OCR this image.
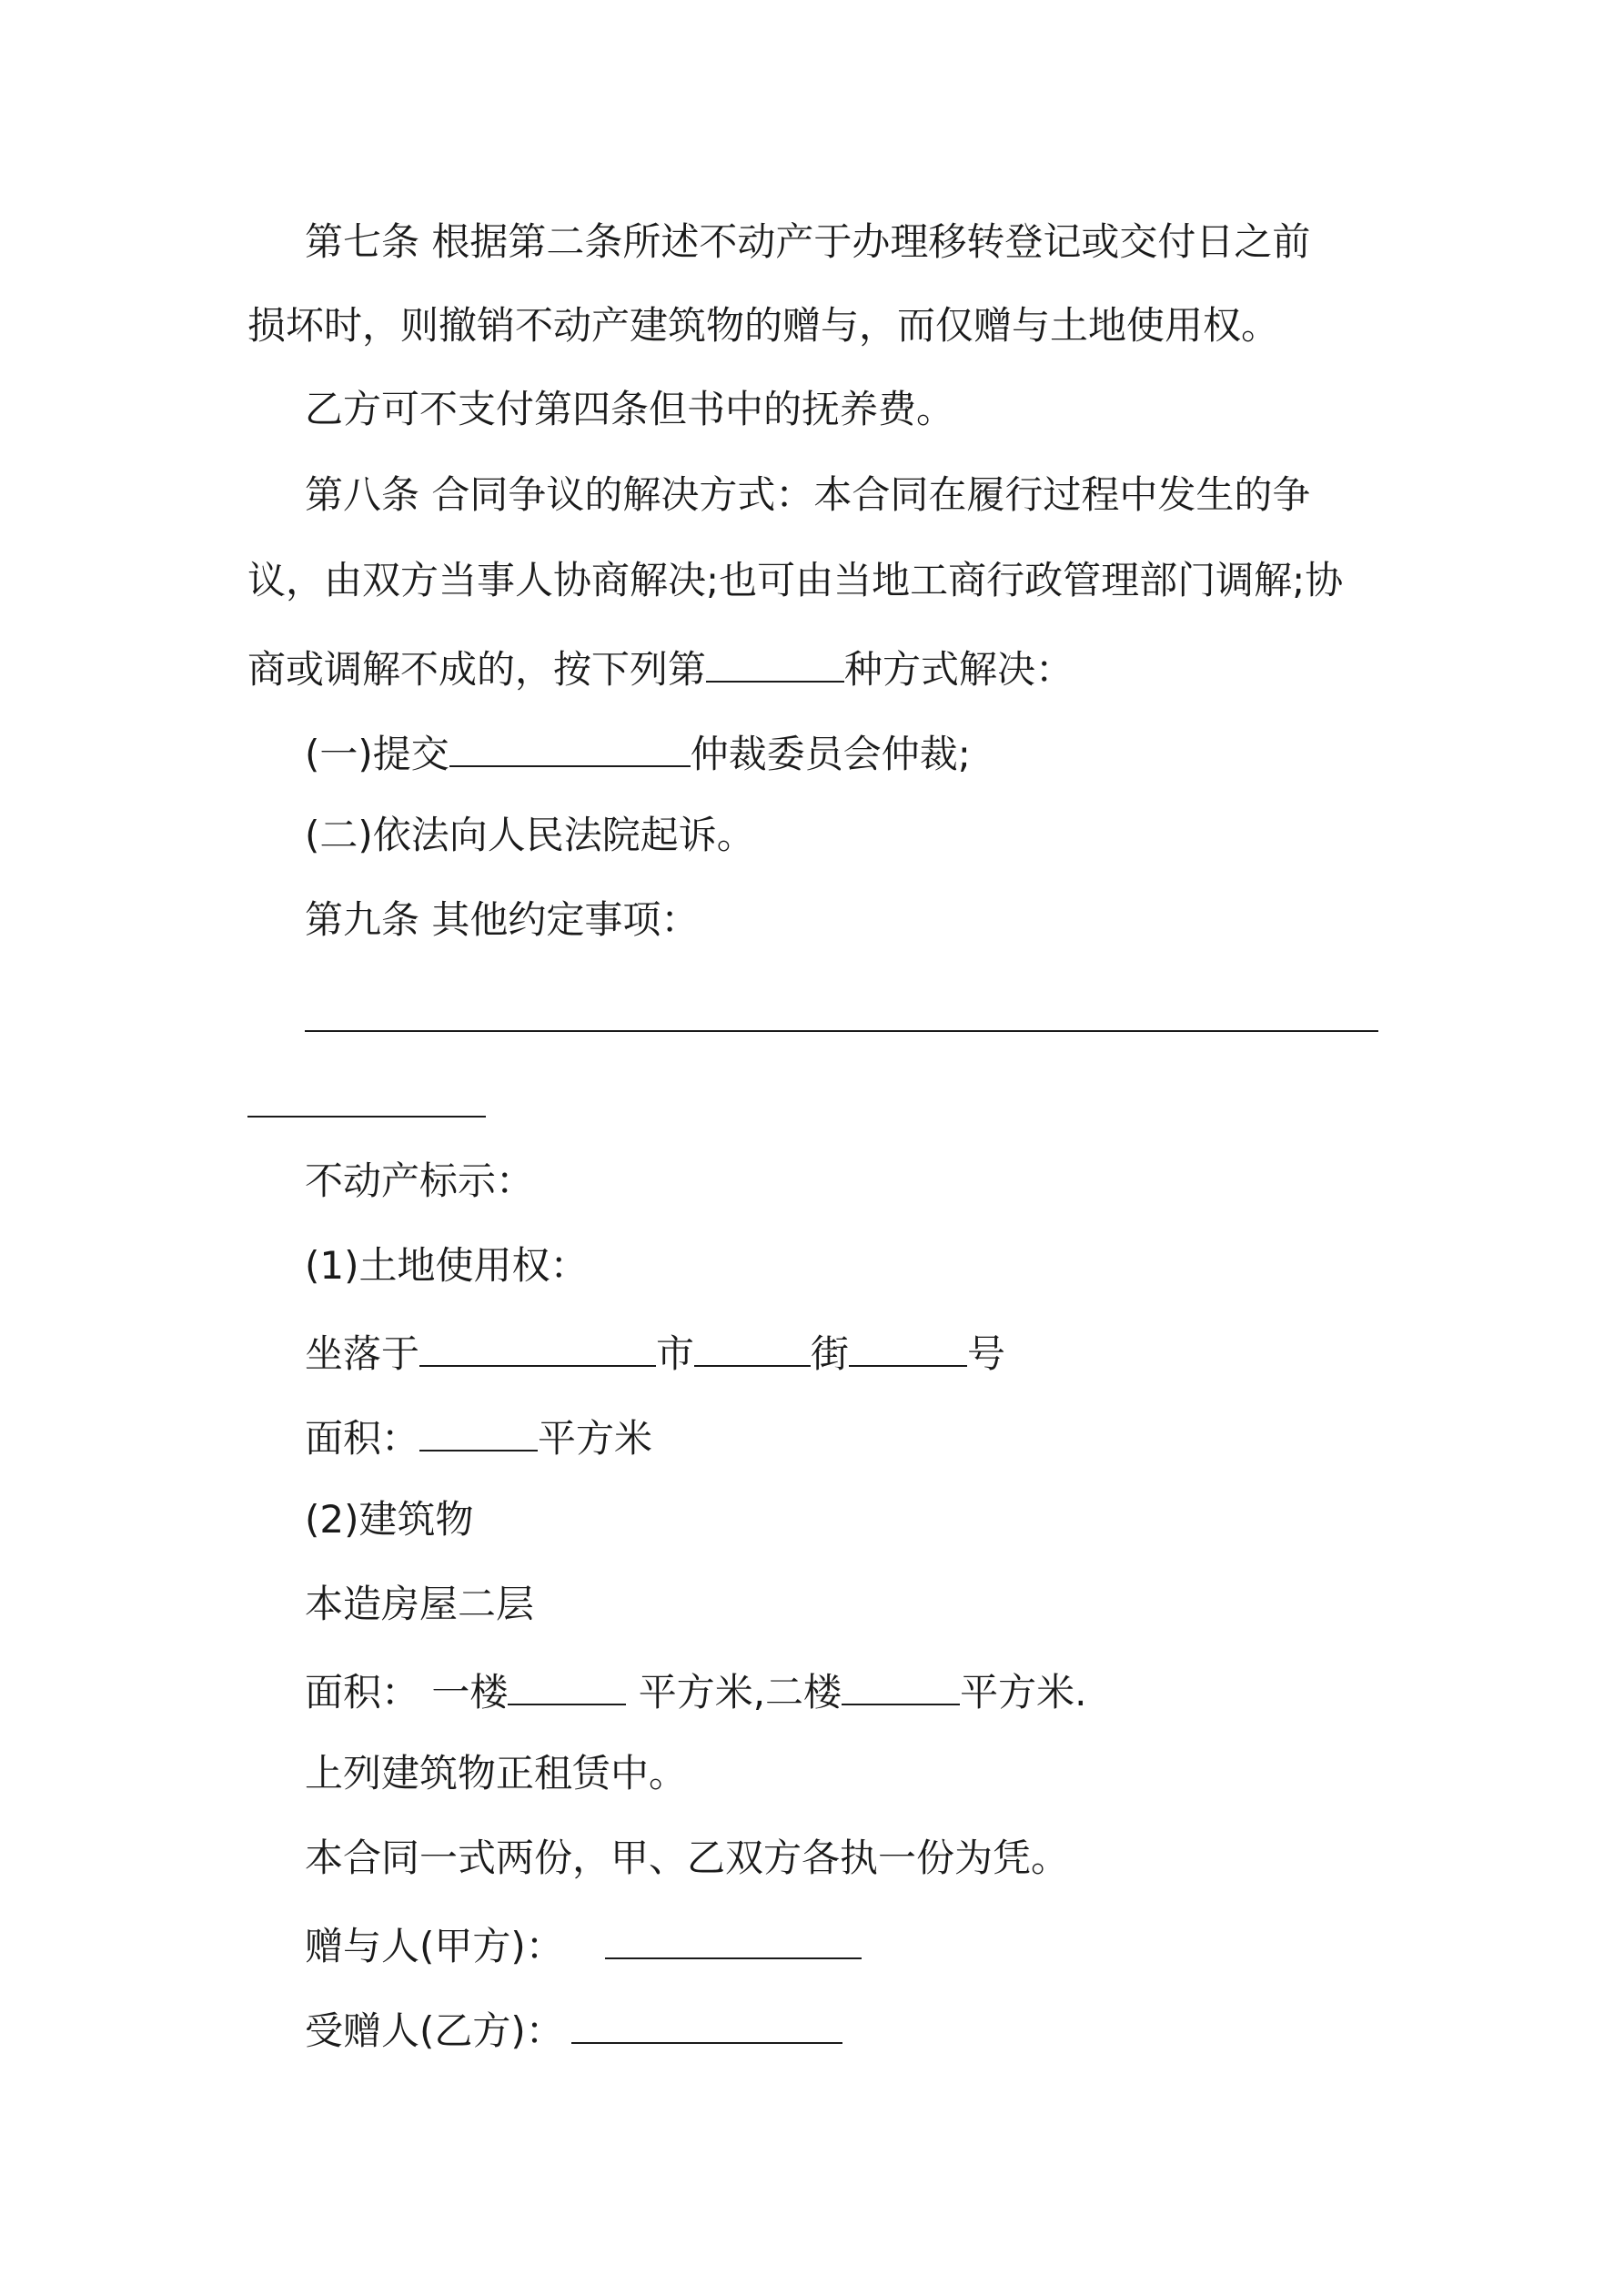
第七条 根据第二条所述不动产于办理移转登记或交付日之前
损坏时，则撤销不动产建筑物的赠与，而仅赠与土地使用权。
乙方可不支付第四条但书中的抚养费。
第八条 合同争议的解决方式：本合同在履行过程中发生的争
议，由双方当事人协商解决;也可由当地工商行政管理部门调解;协
商或调解不成的，按下列第	种方式解决：
(一)提交	仲裁委员会仲裁;
(二)依法向人民法院起诉。
第九条 其他约定事项：
不动产标示：
(1)土地使用权：
坐落于	市	街	号
面积：	平方米
(2)建筑物
本造房屋二层
面积： 一楼	平方米,二楼	平方米.
上列建筑物正租赁中。
本合同一式两份，甲、乙双方各执一份为凭。
赠与人(甲方)：
受赠人(乙方)：
